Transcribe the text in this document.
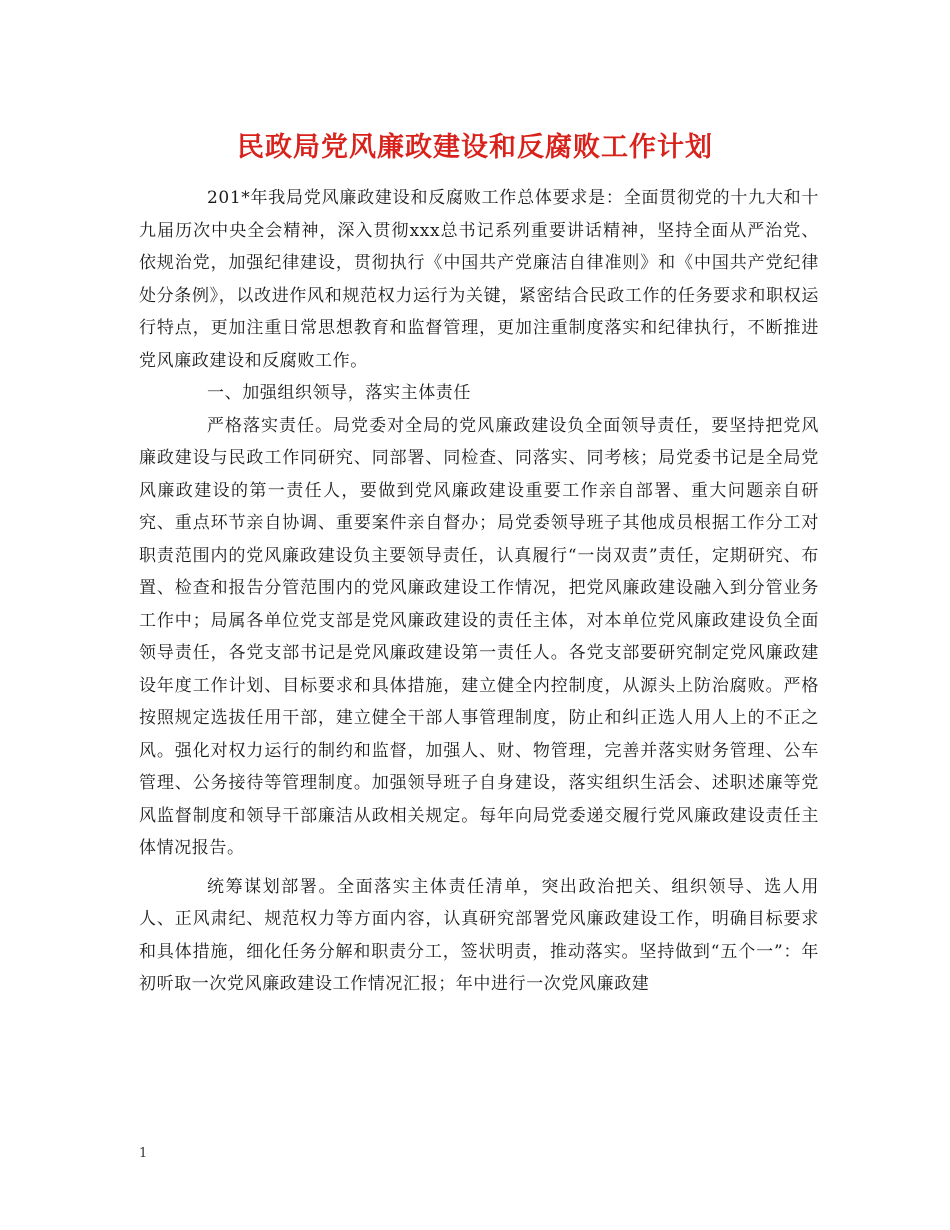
民政局党风廉政建设和反腐败工作计划

201*年我局党风廉政建设和反腐败工作总体要求是：全面贯彻党的十九大和十九届历次中央全会精神，深入贯彻xxx总书记系列重要讲话精神，坚持全面从严治党、依规治党，加强纪律建设，贯彻执行《中国共产党廉洁自律准则》和《中国共产党纪律处分条例》，以改进作风和规范权力运行为关键，紧密结合民政工作的任务要求和职权运行特点，更加注重日常思想教育和监督管理，更加注重制度落实和纪律执行，不断推进党风廉政建设和反腐败工作。

一、加强组织领导，落实主体责任

严格落实责任。局党委对全局的党风廉政建设负全面领导责任，要坚持把党风廉政建设与民政工作同研究、同部署、同检查、同落实、同考核；局党委书记是全局党风廉政建设的第一责任人，要做到党风廉政建设重要工作亲自部署、重大问题亲自研究、重点环节亲自协调、重要案件亲自督办；局党委领导班子其他成员根据工作分工对职责范围内的党风廉政建设负主要领导责任，认真履行“一岗双责”责任，定期研究、布置、检查和报告分管范围内的党风廉政建设工作情况，把党风廉政建设融入到分管业务工作中；局属各单位党支部是党风廉政建设的责任主体，对本单位党风廉政建设负全面领导责任，各党支部书记是党风廉政建设第一责任人。各党支部要研究制定党风廉政建设年度工作计划、目标要求和具体措施，建立健全内控制度，从源头上防治腐败。严格按照规定选拔任用干部，建立健全干部人事管理制度，防止和纠正选人用人上的不正之风。强化对权力运行的制约和监督，加强人、财、物管理，完善并落实财务管理、公车管理、公务接待等管理制度。加强领导班子自身建设，落实组织生活会、述职述廉等党风监督制度和领导干部廉洁从政相关规定。每年向局党委递交履行党风廉政建设责任主体情况报告。

统筹谋划部署。全面落实主体责任清单，突出政治把关、组织领导、选人用人、正风肃纪、规范权力等方面内容，认真研究部署党风廉政建设工作，明确目标要求和具体措施，细化任务分解和职责分工，签状明责，推动落实。坚持做到“五个一”：年初听取一次党风廉政建设工作情况汇报；年中进行一次党风廉政建

1
